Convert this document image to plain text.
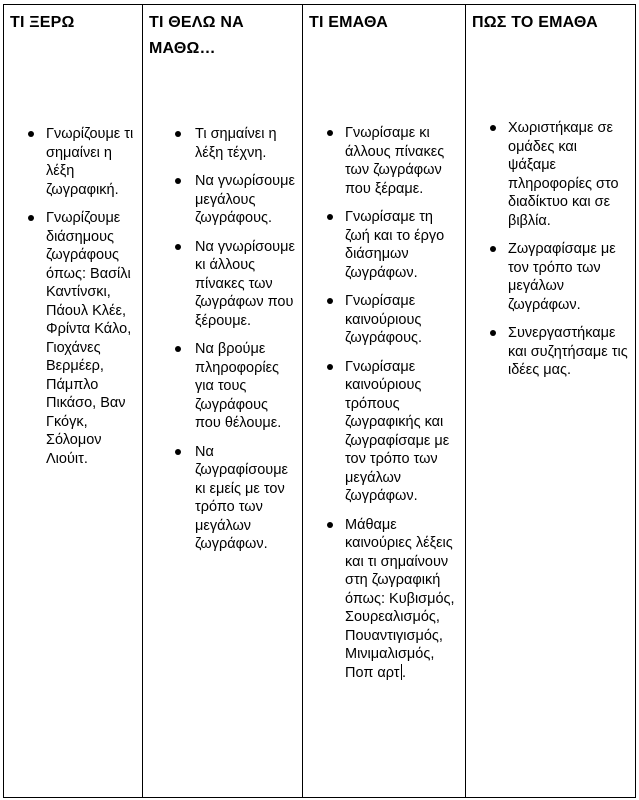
ΤΙ ΞΕΡΩ
Γνωρίζουμε τι σημαίνει η λέξη ζωγραφική.
Γνωρίζουμε διάσημους ζωγράφους όπως: Βασίλι Καντίνσκι, Πάουλ Κλέε, Φρίντα Κάλο, Γιοχάνες Βερμέερ, Πάμπλο Πικάσο, Βαν Γκόγκ, Σόλομον Λιούιτ.
ΤΙ ΘΕΛΩ ΝΑ ΜΑΘΩ…
Τι σημαίνει η λέξη τέχνη.
Να γνωρίσουμε μεγάλους ζωγράφους.
Να γνωρίσουμε κι άλλους πίνακες των ζωγράφων που ξέρουμε.
Να βρούμε πληροφορίες για τους ζωγράφους που θέλουμε.
Να ζωγραφίσουμε κι εμείς με τον τρόπο των μεγάλων ζωγράφων.
ΤΙ ΕΜΑΘΑ
Γνωρίσαμε κι άλλους πίνακες των ζωγράφων που ξέραμε.
Γνωρίσαμε τη ζωή και το έργο διάσημων ζωγράφων.
Γνωρίσαμε καινούριους ζωγράφους.
Γνωρίσαμε καινούριους τρόπους ζωγραφικής και ζωγραφίσαμε με τον τρόπο των μεγάλων ζωγράφων.
Μάθαμε καινούριες λέξεις και τι σημαίνουν στη ζωγραφική όπως: Κυβισμός, Σουρεαλισμός, Πουαντιγισμός, Μινιμαλισμός, Ποπ αρτ .
ΠΩΣ ΤΟ ΕΜΑΘΑ
Χωριστήκαμε σε ομάδες και ψάξαμε πληροφορίες στο διαδίκτυο και σε βιβλία.
Ζωγραφίσαμε με τον τρόπο των μεγάλων ζωγράφων.
Συνεργαστήκαμε και συζητήσαμε τις ιδέες μας.
